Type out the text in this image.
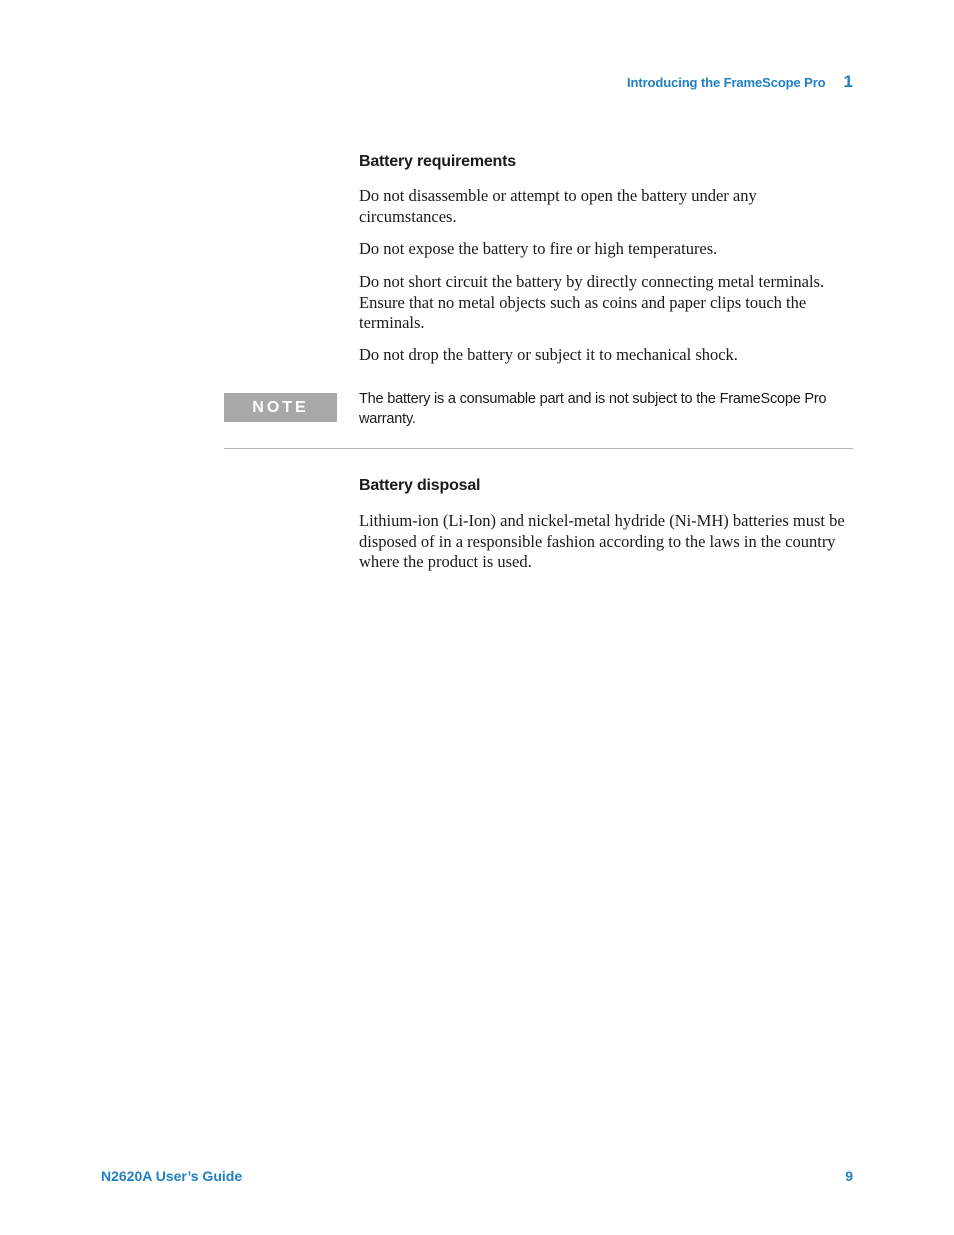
Introducing the FrameScope Pro 1
Battery requirements

Do not disassemble or attempt to open the battery under any circumstances.

Do not expose the battery to fire or high temperatures.

Do not short circuit the battery by directly connecting metal terminals. Ensure that no metal objects such as coins and paper clips touch the terminals.

Do not drop the battery or subject it to mechanical shock.

NOTE	The battery is a consumable part and is not subject to the FrameScope Pro warranty.

Battery disposal

Lithium-ion (Li-Ion) and nickel-metal hydride (Ni-MH) batteries must be disposed of in a responsible fashion according to the laws in the country where the product is used.

N2620A User’s Guide	9
